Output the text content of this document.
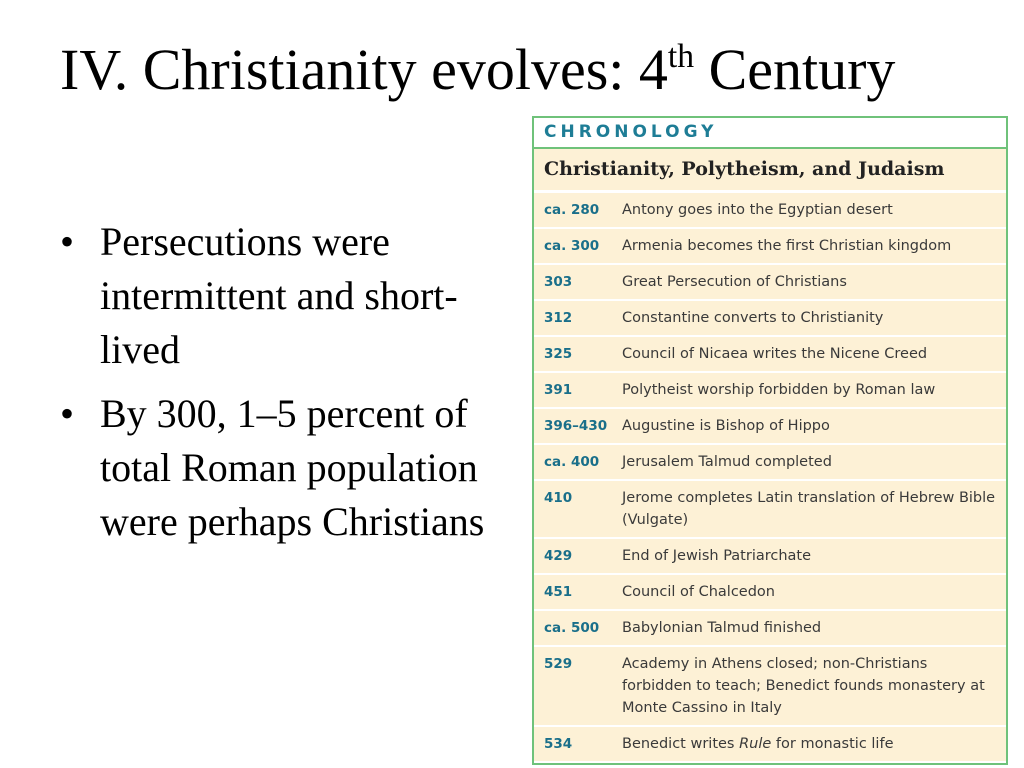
IV. Christianity evolves: 4th Century
• Persecutions were intermittent and short-lived
• By 300, 1–5 percent of total Roman population were perhaps Christians
CHRONOLOGY
Christianity, Polytheism, and Judaism
ca. 280	Antony goes into the Egyptian desert
ca. 300	Armenia becomes the first Christian kingdom
303	Great Persecution of Christians
312	Constantine converts to Christianity
325	Council of Nicaea writes the Nicene Creed
391	Polytheist worship forbidden by Roman law
396–430	Augustine is Bishop of Hippo
ca. 400	Jerusalem Talmud completed
410	Jerome completes Latin translation of Hebrew Bible (Vulgate)
429	End of Jewish Patriarchate
451	Council of Chalcedon
ca. 500	Babylonian Talmud finished
529	Academy in Athens closed; non-Christians forbidden to teach; Benedict founds monastery at Monte Cassino in Italy
534	Benedict writes Rule for monastic life
